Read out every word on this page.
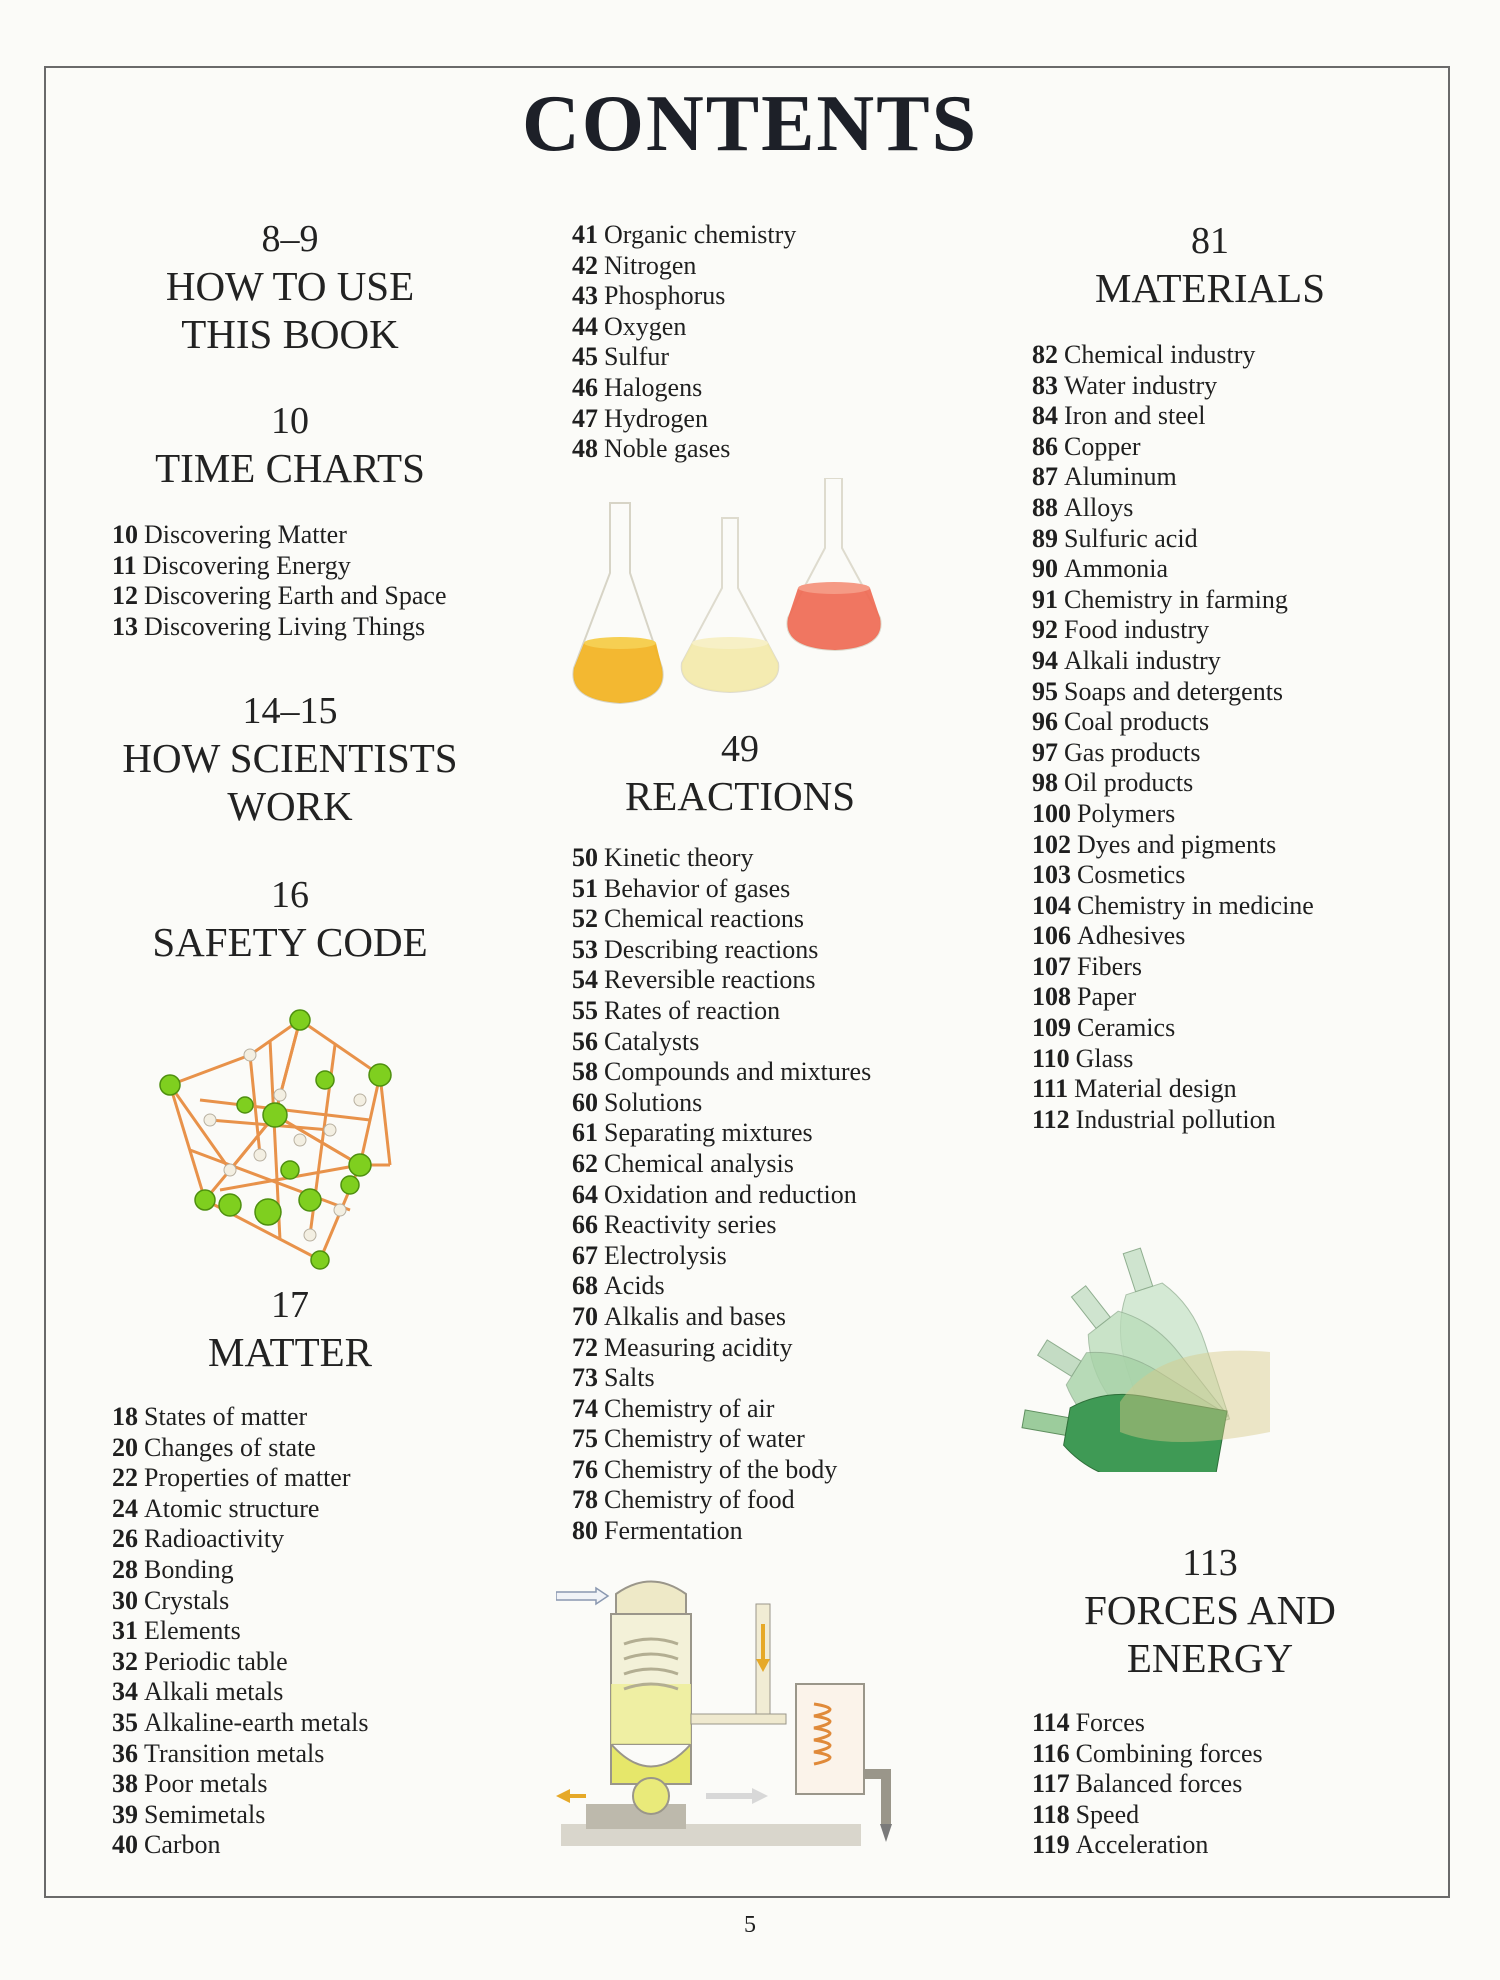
CONTENTS
8–9
HOW TO USE
THIS BOOK
10
TIME CHARTS
10 Discovering Matter
11 Discovering Energy
12 Discovering Earth and Space
13 Discovering Living Things
14–15
HOW SCIENTISTS
WORK
16
SAFETY CODE
17
MATTER
18 States of matter
20 Changes of state
22 Properties of matter
24 Atomic structure
26 Radioactivity
28 Bonding
30 Crystals
31 Elements
32 Periodic table
34 Alkali metals
35 Alkaline-earth metals
36 Transition metals
38 Poor metals
39 Semimetals
40 Carbon
41 Organic chemistry
42 Nitrogen
43 Phosphorus
44 Oxygen
45 Sulfur
46 Halogens
47 Hydrogen
48 Noble gases
49
REACTIONS
50 Kinetic theory
51 Behavior of gases
52 Chemical reactions
53 Describing reactions
54 Reversible reactions
55 Rates of reaction
56 Catalysts
58 Compounds and mixtures
60 Solutions
61 Separating mixtures
62 Chemical analysis
64 Oxidation and reduction
66 Reactivity series
67 Electrolysis
68 Acids
70 Alkalis and bases
72 Measuring acidity
73 Salts
74 Chemistry of air
75 Chemistry of water
76 Chemistry of the body
78 Chemistry of food
80 Fermentation
81
MATERIALS
82 Chemical industry
83 Water industry
84 Iron and steel
86 Copper
87 Aluminum
88 Alloys
89 Sulfuric acid
90 Ammonia
91 Chemistry in farming
92 Food industry
94 Alkali industry
95 Soaps and detergents
96 Coal products
97 Gas products
98 Oil products
100 Polymers
102 Dyes and pigments
103 Cosmetics
104 Chemistry in medicine
106 Adhesives
107 Fibers
108 Paper
109 Ceramics
110 Glass
111 Material design
112 Industrial pollution
113
FORCES AND
ENERGY
114 Forces
116 Combining forces
117 Balanced forces
118 Speed
119 Acceleration
5
